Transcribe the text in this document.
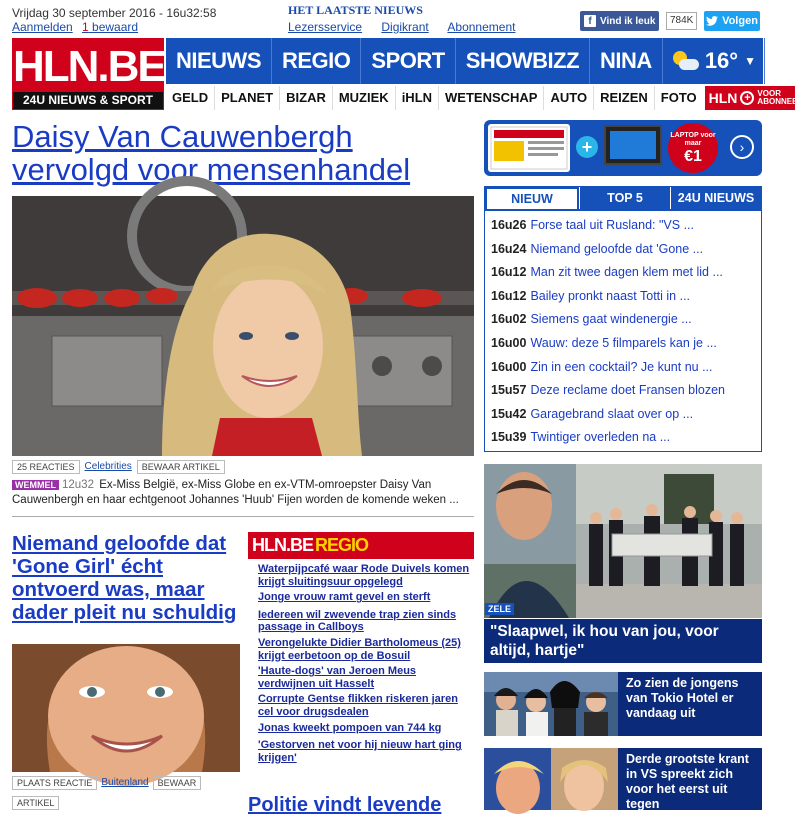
Vrijdag 30 september 2016 - 16u32:58
Aanmelden 1 bewaard
HET LAATSTE NIEUWS
Lezersservice Digikrant Abonnement	f Vind ik leuk	784K	Volgen
HLN.BE
24U NIEUWS & SPORT
NIEUWS REGIO SPORT SHOWBIZZ NINA	16° ▼
GELD	PLANET	BIZAR	MUZIEK	iHLN	WETENSCHAP	AUTO	REIZEN	FOTO HLN + VOOR ABONNEES
Daisy Van Cauwenbergh vervolgd voor mensenhandel
25 REACTIES	Celebrities	BEWAAR ARTIKEL
WEMMEL 12u32 Ex-Miss België, ex-Miss Globe en ex-VTM-omroepster Daisy Van Cauwenbergh en haar echtgenoot Johannes 'Huub' Fijen worden de komende weken ...
Niemand geloofde dat 'Gone Girl' écht ontvoerd was, maar dader pleit nu schuldig
PLAATS REACTIE Buitenland	BEWAAR
ARTIKEL
HLN.BE REGIO
Waterpijpcafé waar Rode Duivels komen krijgt sluitingsuur opgelegd
Jonge vrouw ramt gevel en sterft
Iedereen wil zwevende trap zien sinds passage in Callboys
Verongelukte Didier Bartholomeus (25) krijgt eerbetoon op de Bosuil
'Haute-dogs' van Jeroen Meus verdwijnen uit Hasselt
Corrupte Gentse flikken riskeren jaren cel voor drugsdealen
Jonas kweekt pompoen van 744 kg
'Gestorven net voor hij nieuw hart ging krijgen'
Politie vindt levende
+
LAPTOP voor maar
€1
›
NIEUW	TOP 5	24U NIEUWS
16u26 Forse taal uit Rusland: "VS ...
16u24 Niemand geloofde dat 'Gone ...
16u12 Man zit twee dagen klem met lid ...
16u12 Bailey pronkt naast Totti in ...
16u02 Siemens gaat windenergie ...
16u00 Wauw: deze 5 filmparels kan je ...
16u00 Zin in een cocktail? Je kunt nu ...
15u57 Deze reclame doet Fransen blozen
15u42 Garagebrand slaat over op ...
15u39 Twintiger overleden na ...
ZELE
"Slaapwel, ik hou van jou, voor altijd, hartje"
Zo zien de jongens van Tokio Hotel er vandaag uit
Derde grootste krant in VS spreekt zich voor het eerst uit tegen
